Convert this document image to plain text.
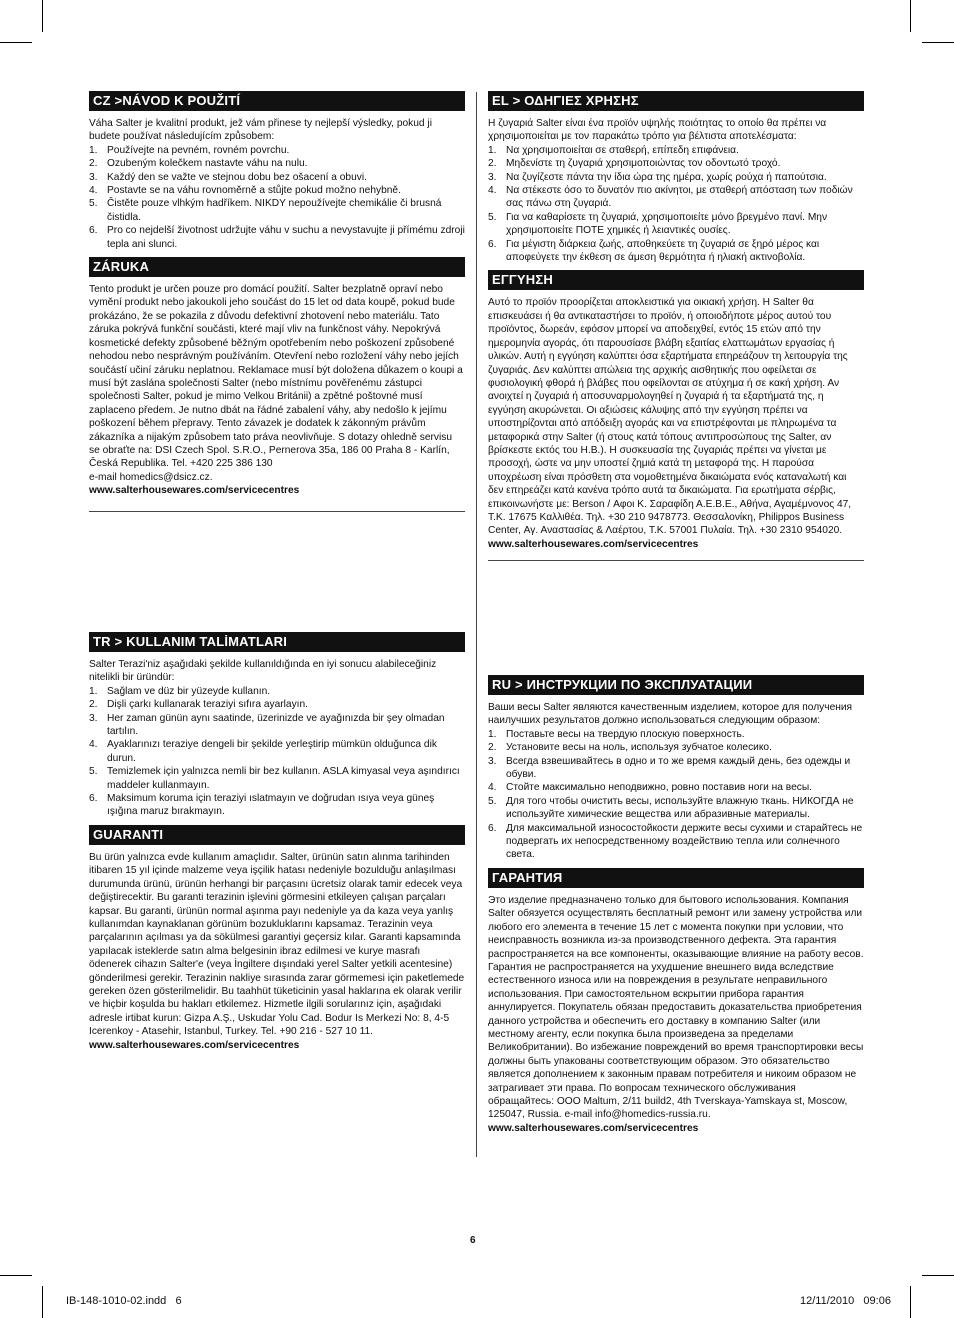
CZ >NÁVOD K POUŽITÍ

Váha Salter je kvalitní produkt, jež vám přinese ty nejlepší výsledky, pokud ji budete používat následujícím způsobem:

1. Používejte na pevném, rovném povrchu.
2. Ozubeným kolečkem nastavte váhu na nulu.
3. Každý den se važte ve stejnou dobu bez ošacení a obuvi.
4. Postavte se na váhu rovnoměrně a stůjte pokud možno nehybně.
5. Čistěte pouze vlhkým hadříkem. NIKDY nepoužívejte chemikálie či brusná čistidla.
6. Pro co nejdelší životnost udržujte váhu v suchu a nevystavujte ji přímému zdroji tepla ani slunci.
ZÁRUKA

Tento produkt je určen pouze pro domácí použití. Salter bezplatně opraví nebo vymění produkt nebo jakoukoli jeho součást do 15 let od data koupě, pokud bude prokázáno, že se pokazila z důvodu defektivní zhotovení nebo materiálu. Tato záruka pokrývá funkční součásti, které mají vliv na funkčnost váhy. Nepokrývá kosmetické defekty způsobené běžným opotřebením nebo poškození způsobené nehodou nebo nesprávným používáním. Otevření nebo rozložení váhy nebo jejích součástí učiní záruku neplatnou. Reklamace musí být doložena důkazem o koupi a musí být zaslána společnosti Salter (nebo místnímu pověřenému zástupci společnosti Salter, pokud je mimo Velkou Británii) a zpětné poštovné musí zaplaceno předem. Je nutno dbát na řádné zabalení váhy, aby nedošlo k jejímu poškození během přepravy. Tento závazek je dodatek k zákonným právům zákazníka a nijakým způsobem tato práva neovlivňuje. S dotazy ohledně servisu se obraťte na: DSI Czech Spol. S.R.O., Pernerova 35a, 186 00 Praha 8 - Karlín, Česká Republika. Tel. +420 225 386 130

e-mail homedics@dsicz.cz.

www.salterhousewares.com/servicecentres
EL > ΟΔΗΓΙΕΣ ΧΡΗΣΗΣ

Η ζυγαριά Salter είναι ένα προϊόν υψηλής ποιότητας το οποίο θα πρέπει να χρησιμοποιείται με τον παρακάτω τρόπο για βέλτιστα αποτελέσματα:

1. Να χρησιμοποιείται σε σταθερή, επίπεδη επιφάνεια.
2. Μηδενίστε τη ζυγαριά χρησιμοποιώντας τον οδοντωτό τροχό.
3. Να ζυγίζεστε πάντα την ίδια ώρα της ημέρα, χωρίς ρούχα ή παπούτσια.
4. Να στέκεστε όσο το δυνατόν πιο ακίνητοι, με σταθερή απόσταση των ποδιών σας πάνω στη ζυγαριά.
5. Για να καθαρίσετε τη ζυγαριά, χρησιμοποιείτε μόνο βρεγμένο πανί. Μην χρησιμοποιείτε ΠΟΤΕ χημικές ή λειαντικές ουσίες.
6. Για μέγιστη διάρκεια ζωής, αποθηκεύετε τη ζυγαριά σε ξηρό μέρος και αποφεύγετε την έκθεση σε άμεση θερμότητα ή ηλιακή ακτινοβολία.
ΕΓΓΥΗΣΗ

Αυτό το προϊόν προορίζεται αποκλειστικά για οικιακή χρήση. Η Salter θα επισκευάσει ή θα αντικαταστήσει το προϊόν, ή οποιοδήποτε μέρος αυτού του προϊόντος, δωρεάν, εφόσον μπορεί να αποδειχθεί, εντός 15 ετών από την ημερομηνία αγοράς, ότι παρουσίασε βλάβη εξαιτίας ελαττωμάτων εργασίας ή υλικών. Αυτή η εγγύηση καλύπτει όσα εξαρτήματα επηρεάζουν τη λειτουργία της ζυγαριάς. Δεν καλύπτει απώλεια της αρχικής αισθητικής που οφείλεται σε φυσιολογική φθορά ή βλάβες που οφείλονται σε ατύχημα ή σε κακή χρήση. Αν ανοιχτεί η ζυγαριά ή αποσυναρμολογηθεί η ζυγαριά ή τα εξαρτήματά της, η εγγύηση ακυρώνεται. Οι αξιώσεις κάλυψης από την εγγύηση πρέπει να υποστηρίζονται από απόδειξη αγοράς και να επιστρέφονται με πληρωμένα τα μεταφορικά στην Salter (ή στους κατά τόπους αντιπροσώπους της Salter, αν βρίσκεστε εκτός του Η.Β.). Η συσκευασία της ζυγαριάς πρέπει να γίνεται με προσοχή, ώστε να μην υποστεί ζημιά κατά τη μεταφορά της. Η παρούσα υποχρέωση είναι πρόσθετη στα νομοθετημένα δικαιώματα ενός καταναλωτή και δεν επηρεάζει κατά κανένα τρόπο αυτά τα δικαιώματα. Για ερωτήματα σέρβις, επικοινωνήστε με: Berson / Αφοι Κ. Σαραφίδη Α.Ε.Β.Ε., Αθήνα, Αγαμέμνονος 47, Τ.Κ. 17675 Καλλιθέα. Τηλ. +30 210 9478773. Θεσσαλονίκη, Philippos Business Center, Αγ. Αναστασίας & Λαέρτου, Τ.Κ. 57001 Πυλαία. Τηλ. +30 2310 954020.

www.salterhousewares.com/servicecentres
TR > KULLANIM TALİMATLARI

Salter Terazi'niz aşağıdaki şekilde kullanıldığında en iyi sonucu alabileceğiniz nitelikli bir üründür:

1. Sağlam ve düz bir yüzeyde kullanın.
2. Dişli çarkı kullanarak teraziyi sıfıra ayarlayın.
3. Her zaman günün aynı saatinde, üzerinizde ve ayağınızda bir şey olmadan tartılın.
4. Ayaklarınızı teraziye dengeli bir şekilde yerleştirip mümkün olduğunca dik durun.
5. Temizlemek için yalnızca nemli bir bez kullanın. ASLA kimyasal veya aşındırıcı maddeler kullanmayın.
6. Maksimum koruma için teraziyi ıslatmayın ve doğrudan ısıya veya güneş ışığına maruz bırakmayın.
GUARANTI

Bu ürün yalnızca evde kullanım amaçlıdır. Salter, ürünün satın alınma tarihinden itibaren 15 yıl içinde malzeme veya işçilik hatası nedeniyle bozulduğu anlaşılması durumunda ürünü, ürünün herhangi bir parçasını ücretsiz olarak tamir edecek veya değiştirecektir. Bu garanti terazinin işlevini görmesini etkileyen çalışan parçaları kapsar. Bu garanti, ürünün normal aşınma payı nedeniyle ya da kaza veya yanlış kullanımdan kaynaklanan görünüm bozukluklarını kapsamaz. Terazinin veya parçalarının açılması ya da sökülmesi garantiyi geçersiz kılar. Garanti kapsamında yapılacak isteklerde satın alma belgesinin ibraz edilmesi ve kurye masrafı ödenerek cihazın Salter'e (veya İngiltere dışındaki yerel Salter yetkili acentesine) gönderilmesi gerekir. Terazinin nakliye sırasında zarar görmemesi için paketlemede gereken özen gösterilmelidir. Bu taahhüt tüketicinin yasal haklarına ek olarak verilir ve hiçbir koşulda bu hakları etkilemez. Hizmetle ilgili sorularınız için, aşağıdaki adresle irtibat kurun: Gizpa A.Ş., Uskudar Yolu Cad. Bodur Is Merkezi No: 8, 4-5 Icerenkoy - Atasehir, Istanbul, Turkey. Tel. +90 216 - 527 10 11.

www.salterhousewares.com/servicecentres
RU > ИНСТРУКЦИИ ПО ЭКСПЛУАТАЦИИ

Ваши весы Salter являются качественным изделием, которое для получения наилучших результатов должно использоваться следующим образом:

1. Поставьте весы на твердую плоскую поверхность.
2. Установите весы на ноль, используя зубчатое колесико.
3. Всегда взвешивайтесь в одно и то же время каждый день, без одежды и обуви.
4. Стойте максимально неподвижно, ровно поставив ноги на весы.
5. Для того чтобы очистить весы, используйте влажную ткань. НИКОГДА не используйте химические вещества или абразивные материалы.
6. Для максимальной износостойкости держите весы сухими и старайтесь не подвергать их непосредственному воздействию тепла или солнечного света.
ГАРАНТИЯ

Это изделие предназначено только для бытового использования. Компания Salter обязуется осуществлять бесплатный ремонт или замену устройства или любого его элемента в течение 15 лет с момента покупки при условии, что неисправность возникла из-за производственного дефекта. Эта гарантия распространяется на все компоненты, оказывающие влияние на работу весов. Гарантия не распространяется на ухудшение внешнего вида вследствие естественного износа или на повреждения в результате неправильного использования. При самостоятельном вскрытии прибора гарантия аннулируется. Покупатель обязан предоставить доказательства приобретения данного устройства и обеспечить его доставку в компанию Salter (или местному агенту, если покупка была произведена за пределами Великобритании). Во избежание повреждений во время транспортировки весы должны быть упакованы соответствующим образом. Это обязательство является дополнением к законным правам потребителя и никоим образом не затрагивает эти права. По вопросам технического обслуживания обращайтесь: OOO Maltum, 2/11 build2, 4th Tverskaya-Yamskaya st, Moscow, 125047, Russia. e-mail info@homedics-russia.ru.

www.salterhousewares.com/servicecentres
6
IB-148-1010-02.indd   6	12/11/2010   09:06
